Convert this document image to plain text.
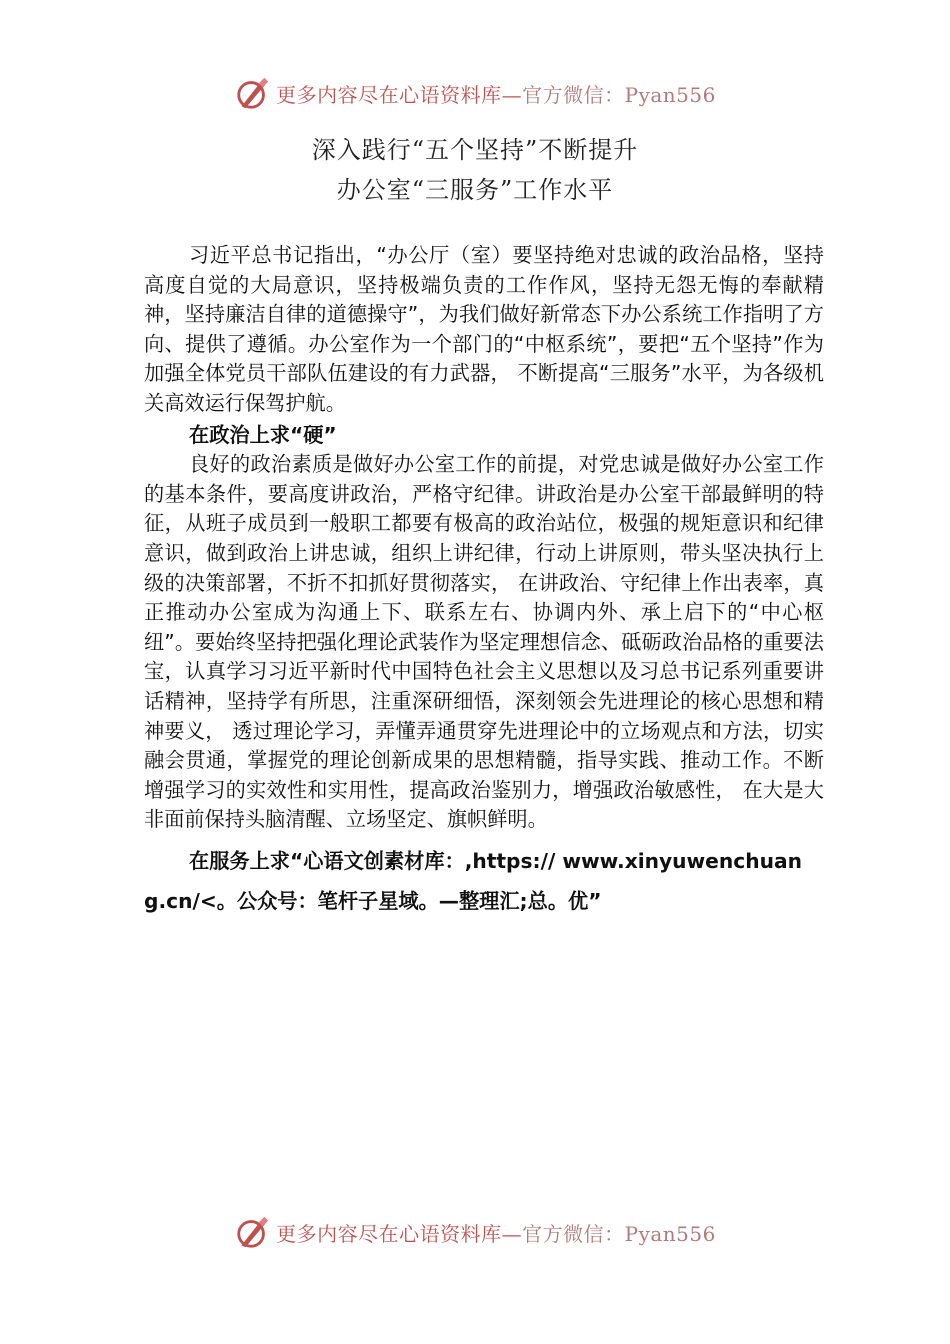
更多内容尽在心语资料库—官方微信：Pyan556
深入践行“五个坚持”不断提升
办公室“三服务”工作水平

习近平总书记指出，“办公厅（室）要坚持绝对忠诚的政治品格，坚持高度自觉的大局意识，坚持极端负责的工作作风，坚持无怨无悔的奉献精神，坚持廉洁自律的道德操守”，为我们做好新常态下办公系统工作指明了方向、提供了遵循。办公室作为一个部门的“中枢系统”，要把“五个坚持”作为加强全体党员干部队伍建设的有力武器， 不断提高“三服务”水平，为各级机关高效运行保驾护航。

在政治上求“硬”

良好的政治素质是做好办公室工作的前提，对党忠诚是做好办公室工作的基本条件，要高度讲政治，严格守纪律。讲政治是办公室干部最鲜明的特征，从班子成员到一般职工都要有极高的政治站位，极强的规矩意识和纪律意识，做到政治上讲忠诚，组织上讲纪律，行动上讲原则，带头坚决执行上级的决策部署，不折不扣抓好贯彻落实， 在讲政治、守纪律上作出表率，真正推动办公室成为沟通上下、联系左右、协调内外、承上启下的“中心枢纽”。要始终坚持把强化理论武装作为坚定理想信念、砥砺政治品格的重要法宝，认真学习习近平新时代中国特色社会主义思想以及习总书记系列重要讲话精神，坚持学有所思，注重深研细悟，深刻领会先进理论的核心思想和精神要义， 透过理论学习，弄懂弄通贯穿先进理论中的立场观点和方法，切实融会贯通，掌握党的理论创新成果的思想精髓，指导实践、推动工作。不断增强学习的实效性和实用性，提高政治鉴别力，增强政治敏感性， 在大是大非面前保持头脑清醒、立场坚定、旗帜鲜明。

在服务上求“心语文创素材库：,https:// www.xinyuwenchuang.cn/<。公众号：笔杆子星域。—整理汇;总。优”
更多内容尽在心语资料库—官方微信：Pyan556
